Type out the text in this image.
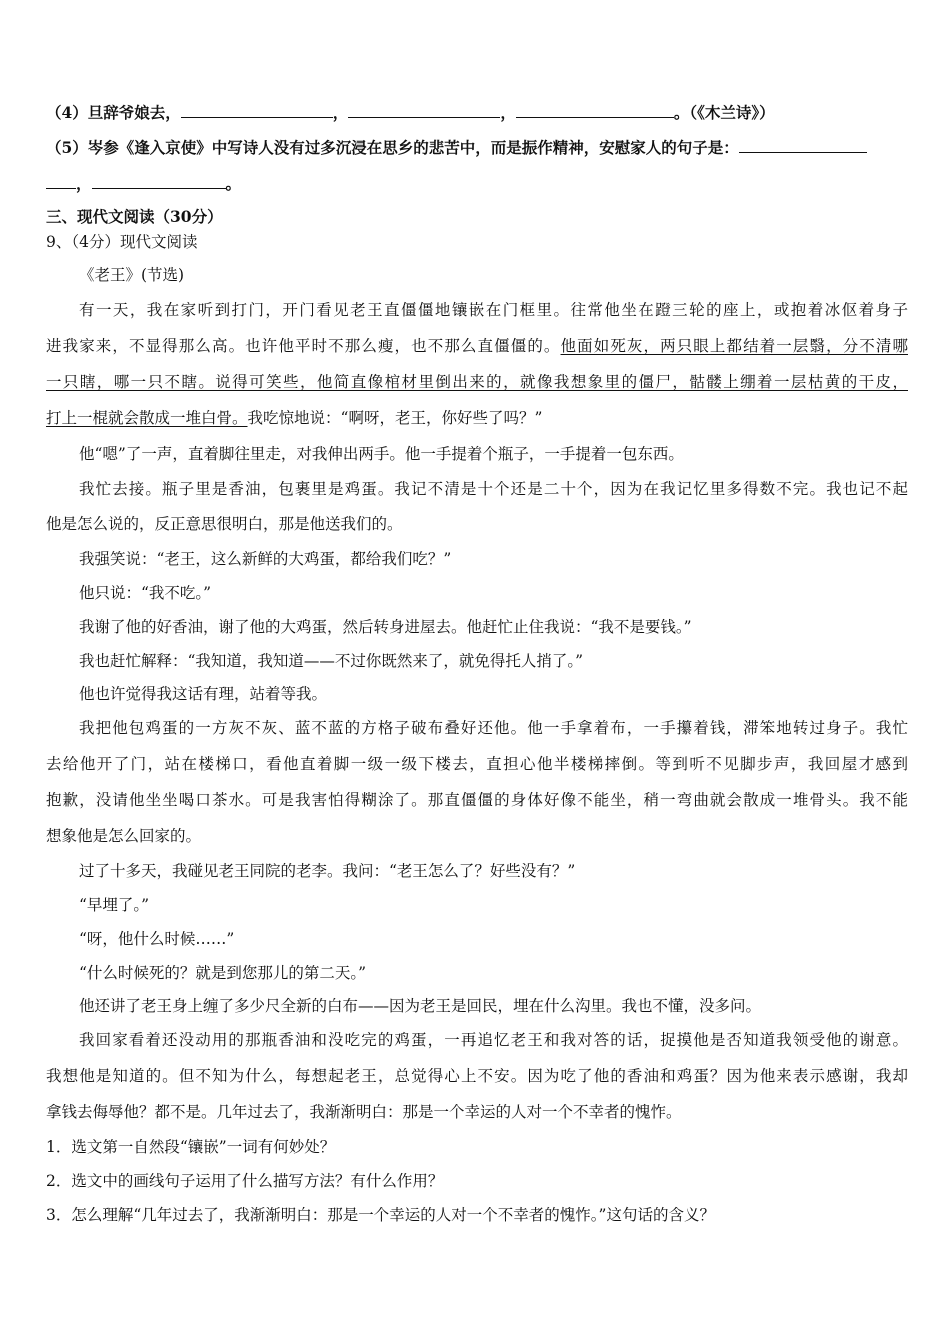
（4）旦辞爷娘去，	，	，	。（《木兰诗》）
（5）岑参《逢入京使》中写诗人没有过多沉浸在思乡的悲苦中，而是振作精神，安慰家人的句子是：
，	。
三、现代文阅读（30分）
9、（4分）现代文阅读
《老王》(节选)
有一天，我在家听到打门，开门看见老王直僵僵地镶嵌在门框里。往常他坐在蹬三轮的座上，或抱着冰伛着身子
进我家来，不显得那么高。也许他平时不那么瘦，也不那么直僵僵的。他面如死灰，两只眼上都结着一层翳，分不清哪
一只瞎，哪一只不瞎。说得可笑些，他简直像棺材里倒出来的，就像我想象里的僵尸，骷髅上绷着一层枯黄的干皮，
打上一棍就会散成一堆白骨。我吃惊地说：“啊呀，老王，你好些了吗？”
他“嗯”了一声，直着脚往里走，对我伸出两手。他一手提着个瓶子，一手提着一包东西。
我忙去接。瓶子里是香油，包裹里是鸡蛋。我记不清是十个还是二十个，因为在我记忆里多得数不完。我也记不起
他是怎么说的，反正意思很明白，那是他送我们的。
我强笑说：“老王，这么新鲜的大鸡蛋，都给我们吃？”
他只说：“我不吃。”
我谢了他的好香油，谢了他的大鸡蛋，然后转身进屋去。他赶忙止住我说：“我不是要钱。”
我也赶忙解释：“我知道，我知道——不过你既然来了，就免得托人捎了。”
他也许觉得我这话有理，站着等我。
我把他包鸡蛋的一方灰不灰、蓝不蓝的方格子破布叠好还他。他一手拿着布，一手攥着钱，滞笨地转过身子。我忙
去给他开了门，站在楼梯口，看他直着脚一级一级下楼去，直担心他半楼梯摔倒。等到听不见脚步声，我回屋才感到
抱歉，没请他坐坐喝口茶水。可是我害怕得糊涂了。那直僵僵的身体好像不能坐，稍一弯曲就会散成一堆骨头。我不能
想象他是怎么回家的。
过了十多天，我碰见老王同院的老李。我问：“老王怎么了？好些没有？”
“早埋了。”
“呀，他什么时候……”
“什么时候死的？就是到您那儿的第二天。”
他还讲了老王身上缠了多少尺全新的白布——因为老王是回民，埋在什么沟里。我也不懂，没多问。
我回家看着还没动用的那瓶香油和没吃完的鸡蛋，一再追忆老王和我对答的话，捉摸他是否知道我领受他的谢意。
我想他是知道的。但不知为什么，每想起老王，总觉得心上不安。因为吃了他的香油和鸡蛋？因为他来表示感谢，我却
拿钱去侮辱他？都不是。几年过去了，我渐渐明白：那是一个幸运的人对一个不幸者的愧怍。
1．选文第一自然段“镶嵌”一词有何妙处？
2．选文中的画线句子运用了什么描写方法？有什么作用？
3．怎么理解“几年过去了，我渐渐明白：那是一个幸运的人对一个不幸者的愧怍。”这句话的含义？
